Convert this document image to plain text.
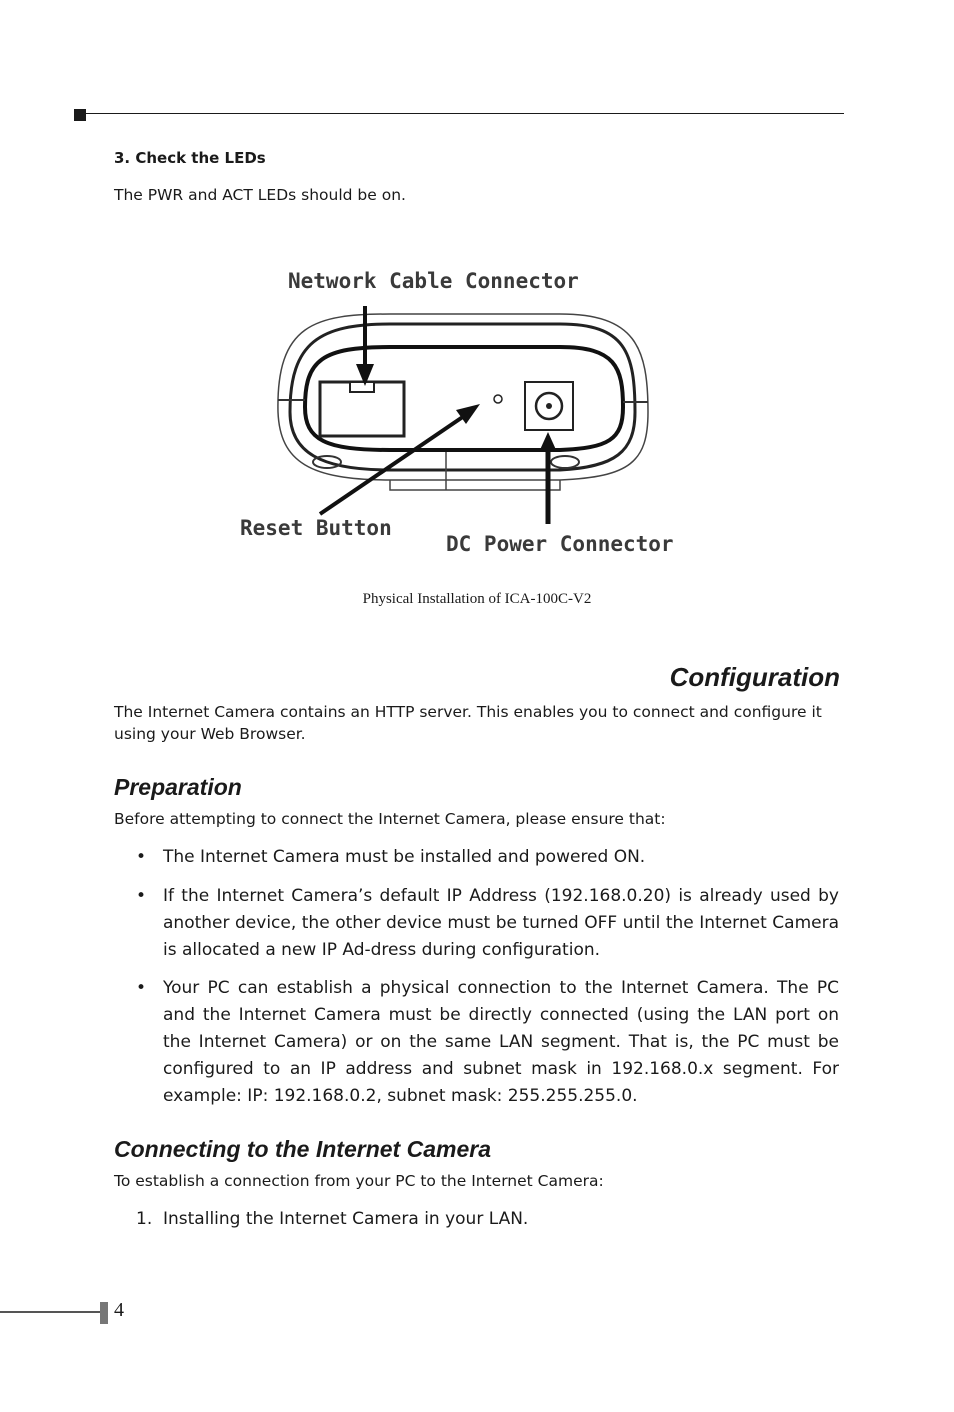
3. Check the LEDs
The PWR and ACT LEDs should be on.
Network Cable Connector
Reset Button
DC Power Connector
Physical Installation of ICA-100C-V2
Configuration
The Internet Camera contains an HTTP server. This enables you to connect and configure it using your Web Browser.
Preparation
Before attempting to connect the Internet Camera, please ensure that:
• The Internet Camera must be installed and powered ON.
• If the Internet Camera’s default IP Address (192.168.0.20) is already used by another device, the other device must be turned OFF until the Internet Camera is allocated a new IP Ad-dress during configuration.
• Your PC can establish a physical connection to the Internet Camera. The PC and the Internet Camera must be directly connected (using the LAN port on the Internet Camera) or on the same LAN segment. That is, the PC must be configured to an IP address and subnet mask in 192.168.0.x segment. For example: IP: 192.168.0.2, subnet mask: 255.255.255.0.
Connecting to the Internet Camera
To establish a connection from your PC to the Internet Camera:
1. Installing the Internet Camera in your LAN.
4
